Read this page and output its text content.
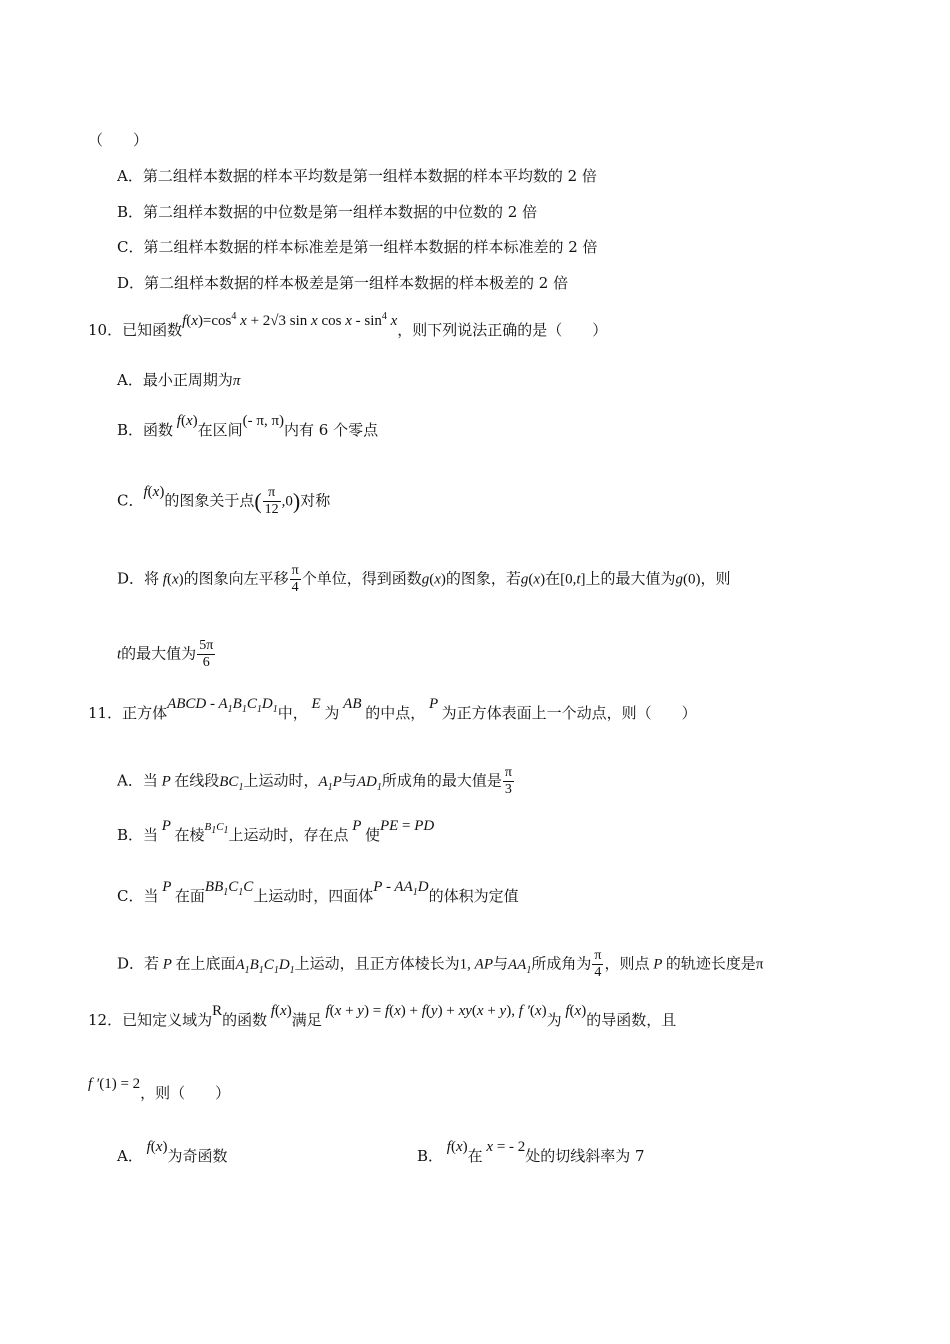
（　　）
A．第二组样本数据的样本平均数是第一组样本数据的样本平均数的 2 倍
B．第二组样本数据的中位数是第一组样本数据的中位数的 2 倍
C．第二组样本数据的样本标准差是第一组样本数据的样本标准差的 2 倍
D．第二组样本数据的样本极差是第一组样本数据的样本极差的 2 倍
10．已知函数$f(x)=\cos^4$ x + 2√3 sin x cos x - $\sin^4 x$，则下列说法正确的是（　　）
A．最小正周期为π
B．函数 f(x)在区间(- π, π)内有 6 个零点
C．f(x)的图象关于点( $\frac{\pi}{12} ,0$)对称
D．将 f(x)的图象向左平移 $\frac{\pi}{4}$ 个单位，得到函数g(x)的图象，若g(x)在[0,t]上的最大值为g(0)，则
t的最大值为 $\frac{5\pi}{6}$
11．正方体ABCD - $A_1B_1C_1D_1$中， E 为 AB 的中点， P 为正方体表面上一个动点，则（　　）
A．当 P 在线段$BC_1$上运动时，$A_1P$与$AD_1$所成角的最大值是 $\frac{\pi}{3}$
B．当 P 在棱$^{B_1C_1}$上运动时，存在点 P 使PE = PD
C．当 P 在面$BB_1C_1C$上运动时，四面体P - $AA_1D$的体积为定值
D．若 P 在上底面$A_1B_1C_1D_1$上运动，且正方体棱长为1, AP与$AA_1$所成角为 $\frac{\pi}{4}$ ，则点 P 的轨迹长度是π
12．已知定义域为R的函数 f(x)满足 f(x + y) = f(x) + f(y) + xy(x + y), f ′(x)为 f(x)的导函数，且
f ′(1) = 2，则（　　）
A． f(x)为奇函数	B． f(x)在 x = - 2处的切线斜率为 7
